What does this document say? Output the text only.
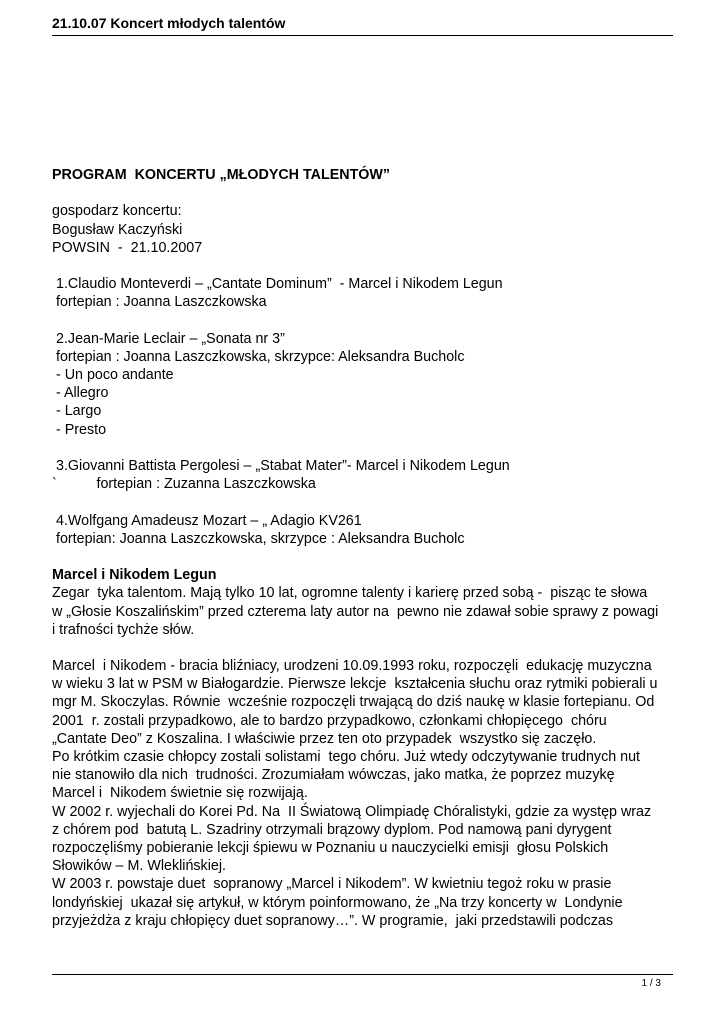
21.10.07 Koncert młodych talentów
PROGRAM  KONCERTU „MŁODYCH TALENTÓW”
gospodarz koncertu:
Bogusław Kaczyński
POWSIN  -  21.10.2007
1.Claudio Monteverdi – „Cantate Dominum”  - Marcel i Nikodem Legun
fortepian : Joanna Laszczkowska
2.Jean-Marie Leclair – „Sonata nr 3”
fortepian : Joanna Laszczkowska, skrzypce: Aleksandra Bucholc
- Un poco andante
- Allegro
- Largo
- Presto
3.Giovanni Battista Pergolesi – „Stabat Mater”- Marcel i Nikodem Legun
`          fortepian : Zuzanna Laszczkowska
4.Wolfgang Amadeusz Mozart – „ Adagio KV261
fortepian: Joanna Laszczkowska, skrzypce : Aleksandra Bucholc
Marcel i Nikodem Legun
Zegar  tyka talentom. Mają tylko 10 lat, ogromne talenty i karierę przed sobą -  pisząc te słowa
w „Głosie Koszalińskim” przed czterema laty autor na  pewno nie zdawał sobie sprawy z powagi
i trafności tychże słów.
Marcel  i Nikodem - bracia bliźniacy, urodzeni 10.09.1993 roku, rozpoczęli  edukację muzyczna
w wieku 3 lat w PSM w Białogardzie. Pierwsze lekcje  kształcenia słuchu oraz rytmiki pobierali u
mgr M. Skoczylas. Równie  wcześnie rozpoczęli trwającą do dziś naukę w klasie fortepianu. Od
2001  r. zostali przypadkowo, ale to bardzo przypadkowo, członkami chłopięcego  chóru
„Cantate Deo” z Koszalina. I właściwie przez ten oto przypadek  wszystko się zaczęło.
Po krótkim czasie chłopcy zostali solistami  tego chóru. Już wtedy odczytywanie trudnych nut
nie stanowiło dla nich  trudności. Zrozumiałam wówczas, jako matka, że poprzez muzykę
Marcel i  Nikodem świetnie się rozwijają.
W 2002 r. wyjechali do Korei Pd. Na  II Światową Olimpiadę Chóralistyki, gdzie za występ wraz
z chórem pod  batutą L. Szadriny otrzymali brązowy dyplom. Pod namową pani dyrygent
rozpoczęliśmy pobieranie lekcji śpiewu w Poznaniu u nauczycielki emisji  głosu Polskich
Słowików – M. Wleklińskiej.
W 2003 r. powstaje duet  sopranowy „Marcel i Nikodem”. W kwietniu tegoż roku w prasie
londyńskiej  ukazał się artykuł, w którym poinformowano, że „Na trzy koncerty w  Londynie
przyjeżdża z kraju chłopięcy duet sopranowy…”. W programie,  jaki przedstawili podczas
1 / 3
